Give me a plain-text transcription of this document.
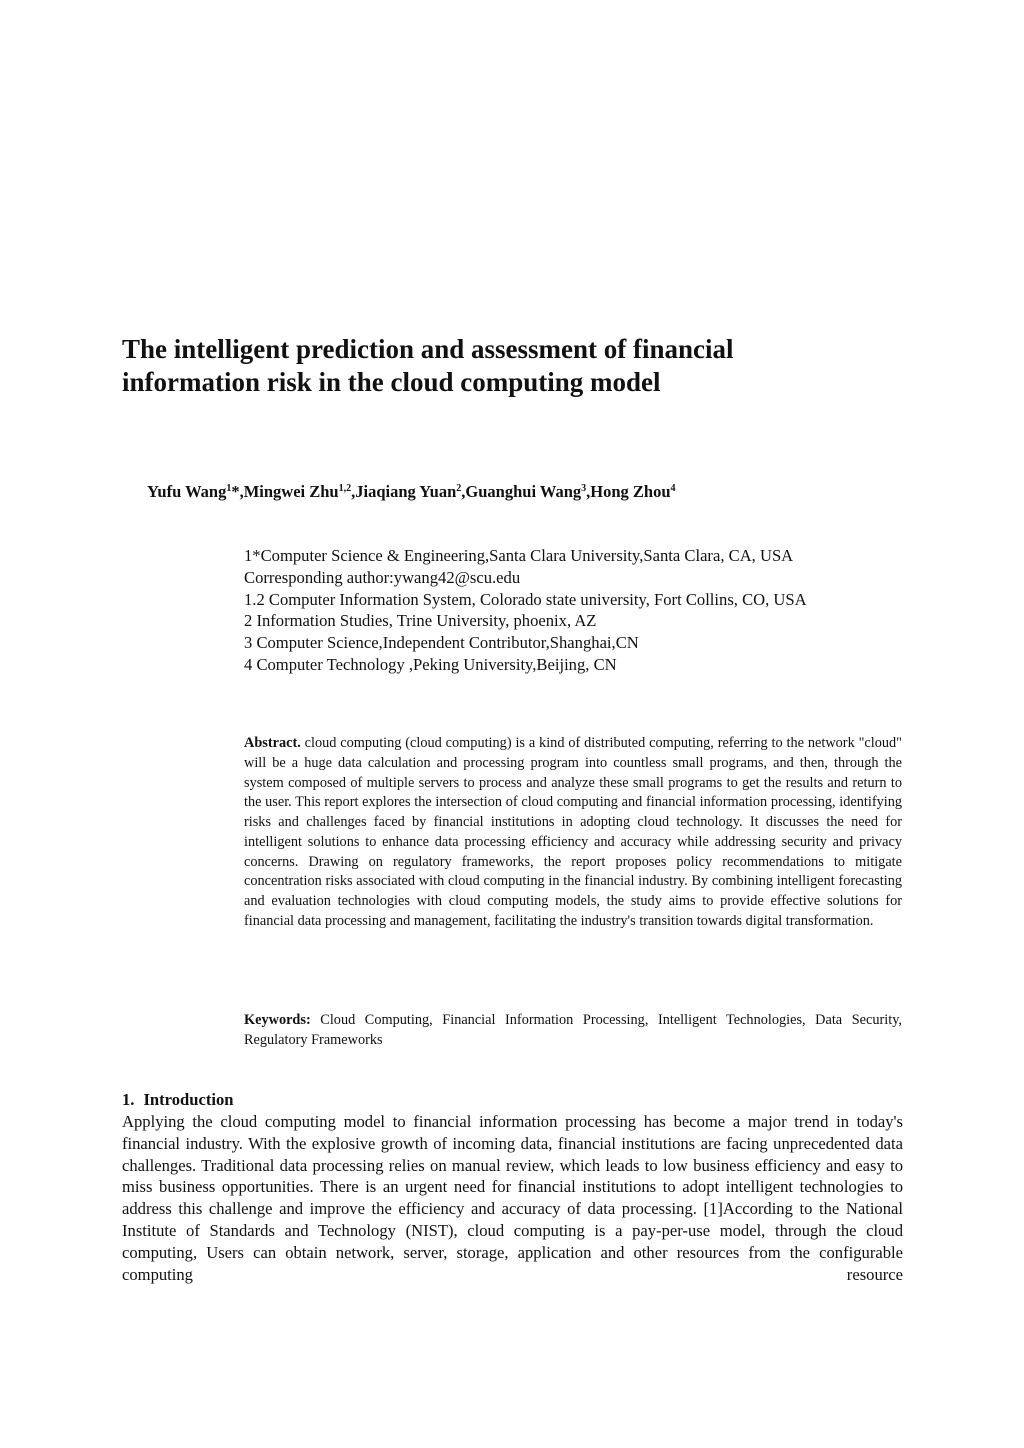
The intelligent prediction and assessment of financial
information risk in the cloud computing model
Yufu Wang$^1$*,Mingwei Zhu$^{1,2}$,Jiaqiang Yuan$^2$,Guanghui Wang$^3$,Hong Zhou$^4$
1*Computer Science & Engineering,Santa Clara University,Santa Clara, CA, USA
Corresponding author:ywang42@scu.edu
1.2 Computer Information System, Colorado state university, Fort Collins, CO, USA
2 Information Studies, Trine University, phoenix, AZ
3 Computer Science,Independent Contributor,Shanghai,CN
4 Computer Technology ,Peking University,Beijing, CN

Abstract. cloud computing (cloud computing) is a kind of distributed computing, referring to the network "cloud" will be a huge data calculation and processing program into countless small programs, and then, through the system composed of multiple servers to process and analyze these small programs to get the results and return to the user. This report explores the intersection of cloud computing and financial information processing, identifying risks and challenges faced by financial institutions in adopting cloud technology. It discusses the need for intelligent solutions to enhance data processing efficiency and accuracy while addressing security and privacy concerns. Drawing on regulatory frameworks, the report proposes policy recommendations to mitigate concentration risks associated with cloud computing in the financial industry. By combining intelligent forecasting and evaluation technologies with cloud computing models, the study aims to provide effective solutions for financial data processing and management, facilitating the industry's transition towards digital transformation.

Keywords: Cloud Computing, Financial Information Processing, Intelligent Technologies, Data Security, Regulatory Frameworks

1. Introduction

Applying the cloud computing model to financial information processing has become a major trend in today's financial industry. With the explosive growth of incoming data, financial institutions are facing unprecedented data challenges. Traditional data processing relies on manual review, which leads to low business efficiency and easy to miss business opportunities. There is an urgent need for financial institutions to adopt intelligent technologies to address this challenge and improve the efficiency and accuracy of data processing. [1]According to the National Institute of Standards and Technology (NIST), cloud computing is a pay-per-use model, through the cloud computing, Users can obtain network, server, storage, application and other resources from the configurable computing resource
